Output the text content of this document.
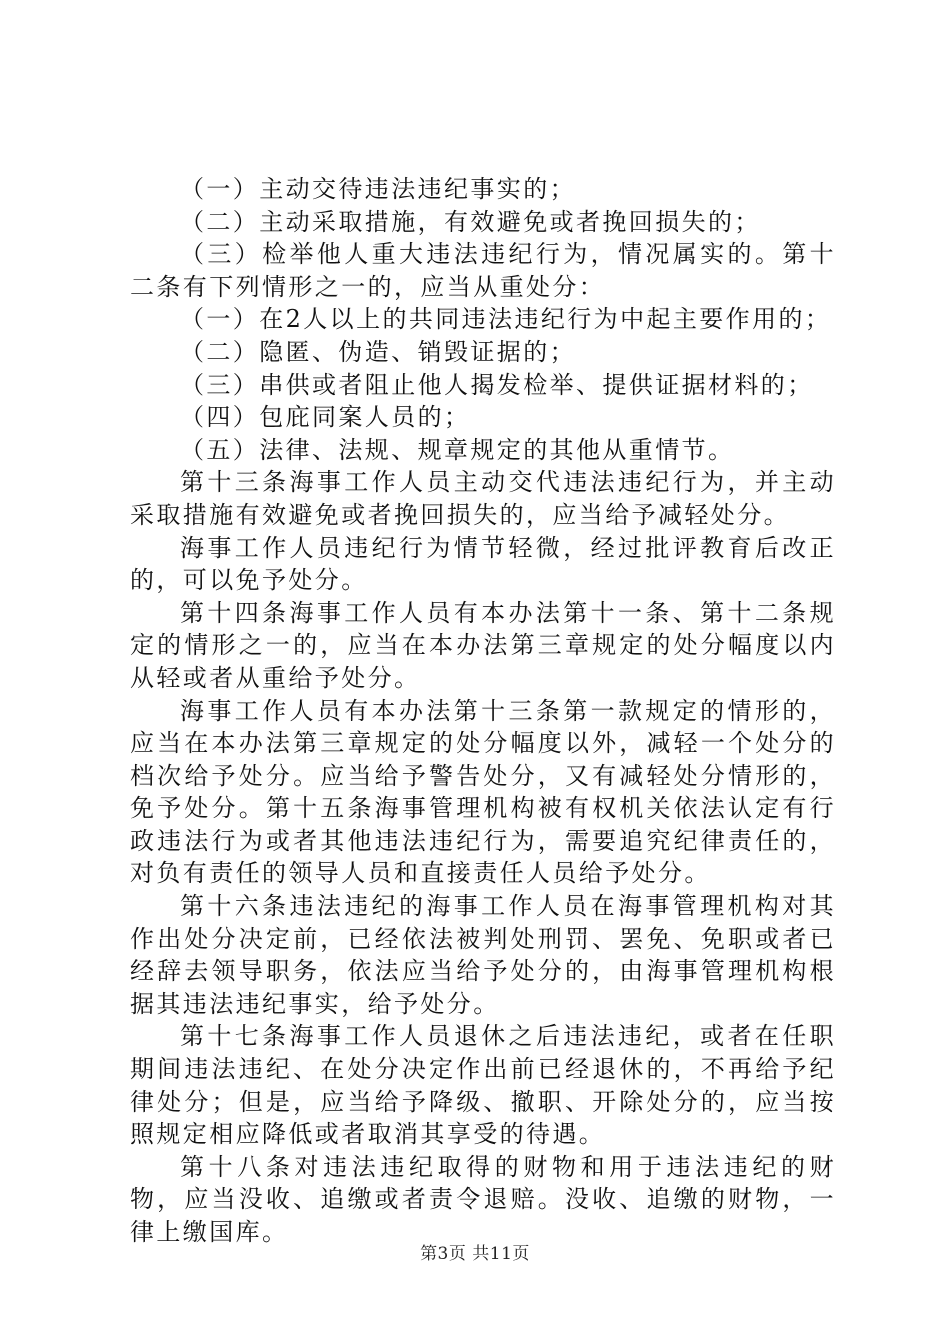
（一）主动交待违法违纪事实的；

（二）主动采取措施，有效避免或者挽回损失的；

（三）检举他人重大违法违纪行为，情况属实的。第十二条有下列情形之一的，应当从重处分：

（一）在2人以上的共同违法违纪行为中起主要作用的；

（二）隐匿、伪造、销毁证据的；

（三）串供或者阻止他人揭发检举、提供证据材料的；

（四）包庇同案人员的；

（五）法律、法规、规章规定的其他从重情节。

第十三条海事工作人员主动交代违法违纪行为，并主动采取措施有效避免或者挽回损失的，应当给予减轻处分。

海事工作人员违纪行为情节轻微，经过批评教育后改正的，可以免予处分。

第十四条海事工作人员有本办法第十一条、第十二条规定的情形之一的，应当在本办法第三章规定的处分幅度以内从轻或者从重给予处分。

海事工作人员有本办法第十三条第一款规定的情形的，应当在本办法第三章规定的处分幅度以外，减轻一个处分的档次给予处分。应当给予警告处分，又有减轻处分情形的，免予处分。第十五条海事管理机构被有权机关依法认定有行政违法行为或者其他违法违纪行为，需要追究纪律责任的，对负有责任的领导人员和直接责任人员给予处分。

第十六条违法违纪的海事工作人员在海事管理机构对其作出处分决定前，已经依法被判处刑罚、罢免、免职或者已经辞去领导职务，依法应当给予处分的，由海事管理机构根据其违法违纪事实，给予处分。

第十七条海事工作人员退休之后违法违纪，或者在任职期间违法违纪、在处分决定作出前已经退休的，不再给予纪律处分；但是，应当给予降级、撤职、开除处分的，应当按照规定相应降低或者取消其享受的待遇。

第十八条对违法违纪取得的财物和用于违法违纪的财物，应当没收、追缴或者责令退赔。没收、追缴的财物，一律上缴国库。

第3页 共11页
